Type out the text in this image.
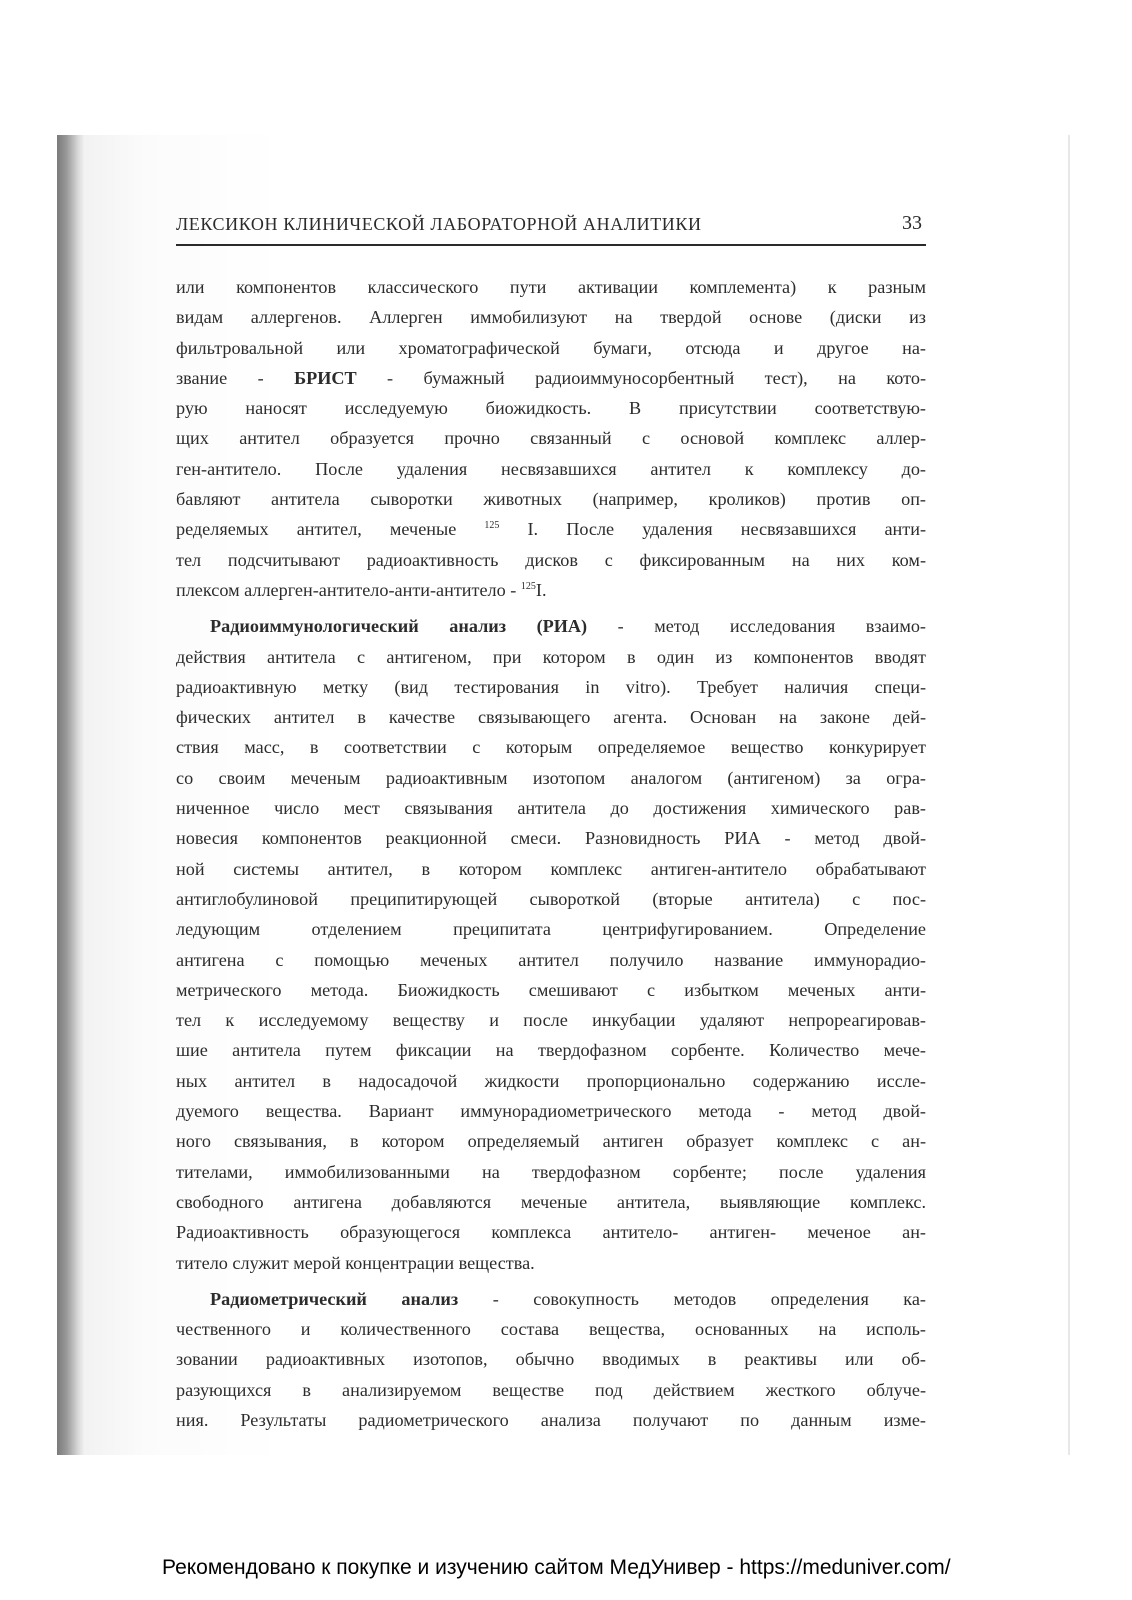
ЛЕКСИКОН КЛИНИЧЕСКОЙ ЛАБОРАТОРНОЙ АНАЛИТИКИ	33
или компонентов классического пути активации комплемента) к разным
видам аллергенов. Аллерген иммобилизуют на твердой основе (диски из
фильтровальной или хроматографической бумаги, отсюда и другое на-
звание - БРИСТ - бумажный радиоиммуносорбентный тест), на кото-
рую наносят исследуемую биожидкость. В присутствии соответствую-
щих антител образуется прочно связанный с основой комплекс аллер-
ген-антитело. После удаления несвязавшихся антител к комплексу до-
бавляют антитела сыворотки животных (например, кроликов) против оп-
ределяемых антител, меченые $^{125}$ I. После удаления несвязавшихся анти-
тел подсчитывают радиоактивность дисков с фиксированным на них ком-
плексом аллерген-антитело-анти-антитело - $^{125}$I.
Радиоиммунологический анализ (РИА) - метод исследования взаимо-
действия антитела с антигеном, при котором в один из компонентов вводят
радиоактивную метку (вид тестирования in vitro). Требует наличия специ-
фических антител в качестве связывающего агента. Основан на законе дей-
ствия масс, в соответствии с которым определяемое вещество конкурирует
со своим меченым радиоактивным изотопом аналогом (антигеном) за огра-
ниченное число мест связывания антитела до достижения химического рав-
новесия компонентов реакционной смеси. Разновидность РИА - метод двой-
ной системы антител, в котором комплекс антиген-антитело обрабатывают
антиглобулиновой преципитирующей сывороткой (вторые антитела) с пос-
ледующим отделением преципитата центрифугированием. Определение
антигена с помощью меченых антител получило название иммунорадио-
метрического метода. Биожидкость смешивают с избытком меченых анти-
тел к исследуемому веществу и после инкубации удаляют непрореагировав-
шие антитела путем фиксации на твердофазном сорбенте. Количество мече-
ных антител в надосадочой жидкости пропорционально содержанию иссле-
дуемого вещества. Вариант иммунорадиометрического метода - метод двой-
ного связывания, в котором определяемый антиген образует комплекс с ан-
тителами, иммобилизованными на твердофазном сорбенте; после удаления
свободного антигена добавляются меченые антитела, выявляющие комплекс.
Радиоактивность образующегося комплекса антитело- антиген- меченое ан-
титело служит мерой концентрации вещества.
Радиометрический анализ - совокупность методов определения ка-
чественного и количественного состава вещества, основанных на исполь-
зовании радиоактивных изотопов, обычно вводимых в реактивы или об-
разующихся в анализируемом веществе под действием жесткого облуче-
ния. Результаты радиометрического анализа получают по данным изме-
Рекомендовано к покупке и изучению сайтом МедУнивер - https://meduniver.com/
